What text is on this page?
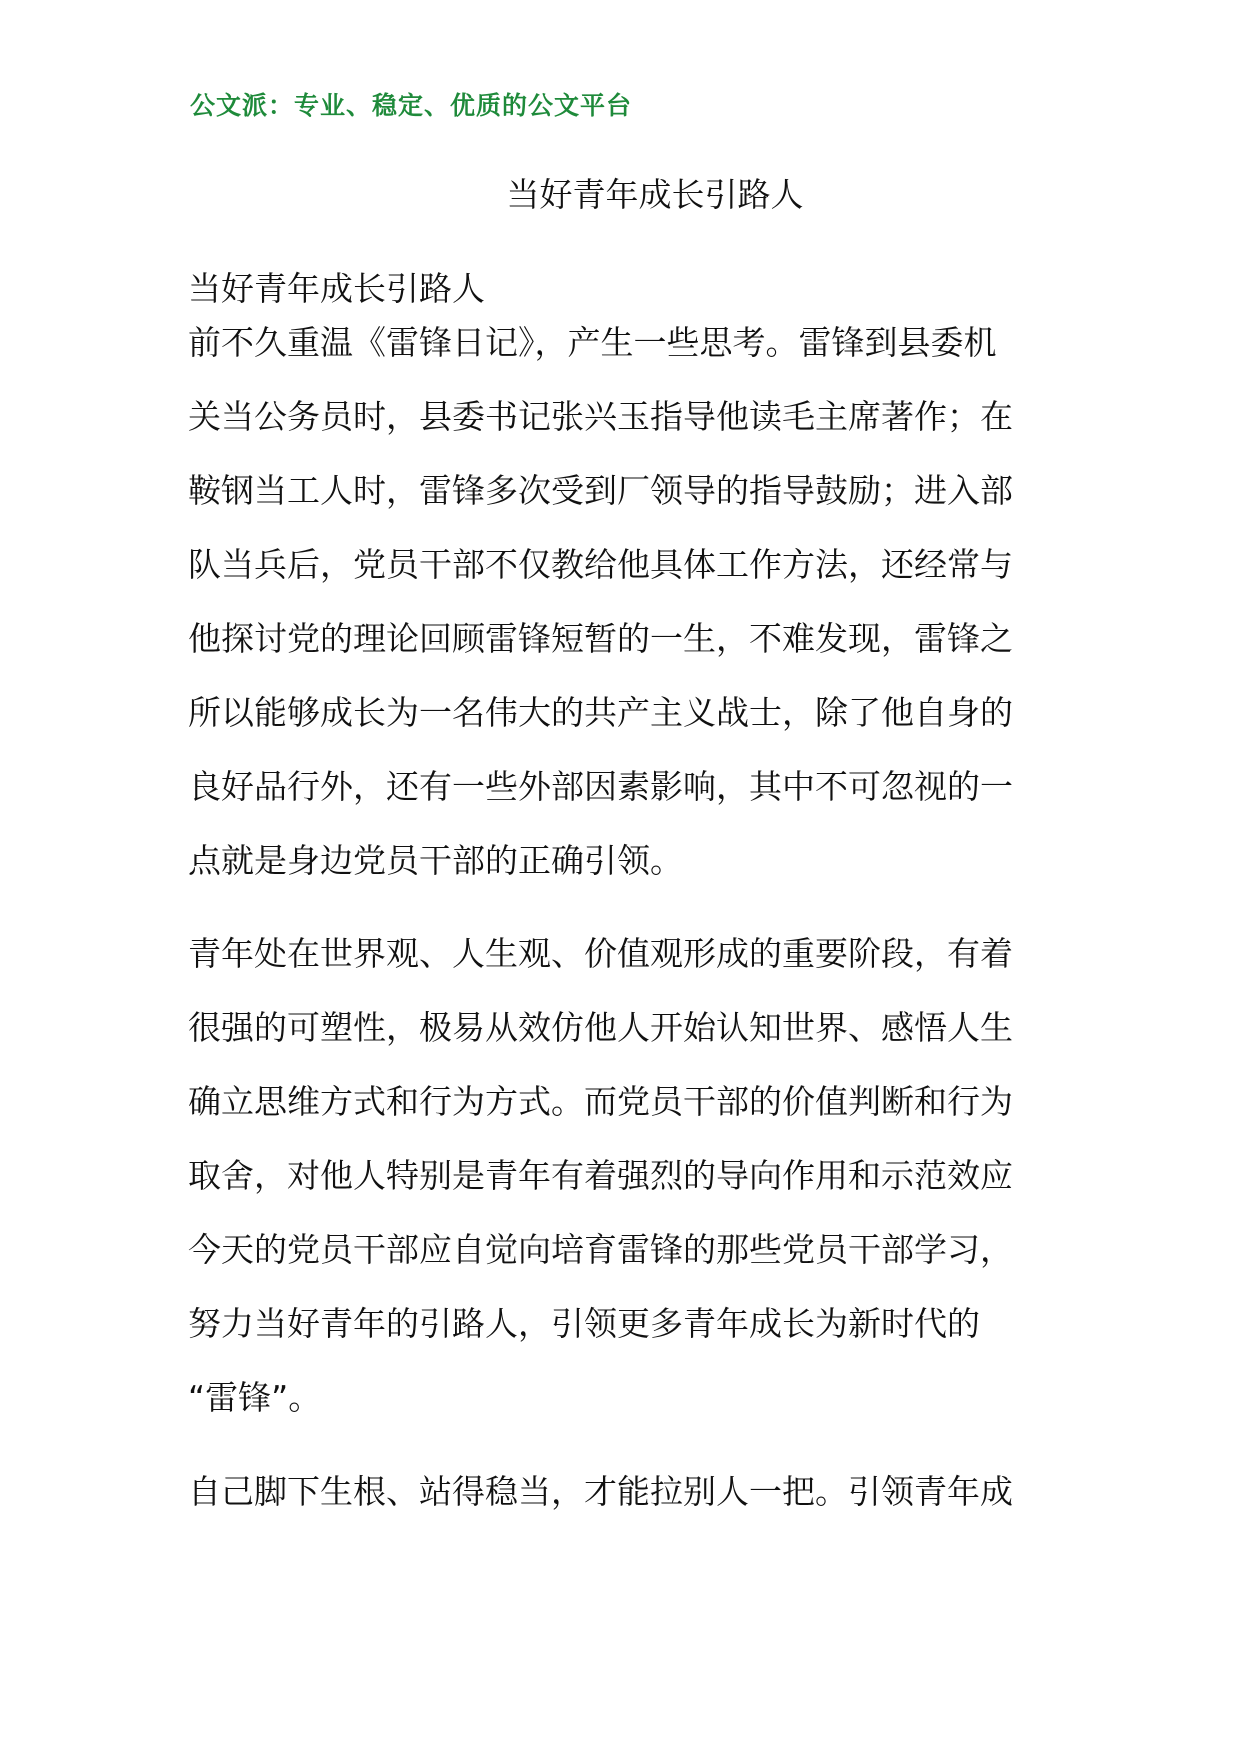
公文派：专业、稳定、优质的公文平台
当好青年成长引路人
当好青年成长引路人
前不久重温《雷锋日记》，产生一些思考。雷锋到县委机
关当公务员时，县委书记张兴玉指导他读毛主席著作；在
鞍钢当工人时，雷锋多次受到厂领导的指导鼓励；进入部
队当兵后，党员干部不仅教给他具体工作方法，还经常与
他探讨党的理论回顾雷锋短暂的一生，不难发现，雷锋之
所以能够成长为一名伟大的共产主义战士，除了他自身的
良好品行外，还有一些外部因素影响，其中不可忽视的一
点就是身边党员干部的正确引领。
青年处在世界观、人生观、价值观形成的重要阶段，有着
很强的可塑性，极易从效仿他人开始认知世界、感悟人生
确立思维方式和行为方式。而党员干部的价值判断和行为
取舍，对他人特别是青年有着强烈的导向作用和示范效应
今天的党员干部应自觉向培育雷锋的那些党员干部学习，
努力当好青年的引路人，引领更多青年成长为新时代的
“雷锋”。
自己脚下生根、站得稳当，才能拉别人一把。引领青年成
